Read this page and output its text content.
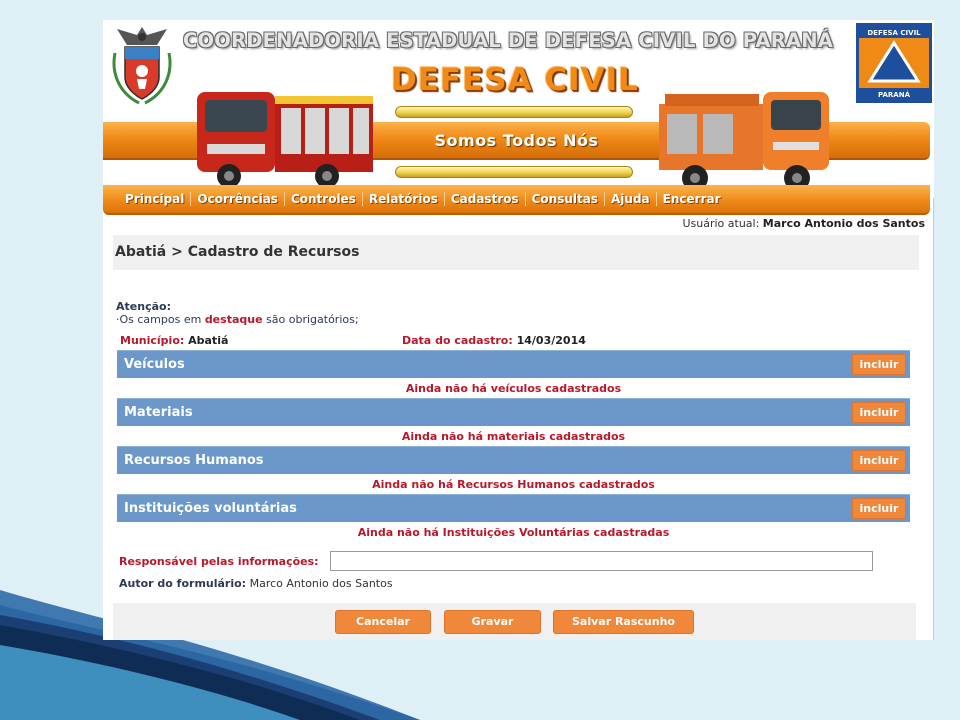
COORDENADORIA ESTADUAL DE DEFESA CIVIL DO PARANÁ
Somos Todos Nós
DEFESA CIVIL
DEFESA CIVIL
PARANÁ
Principal	Ocorrências	Controles	Relatórios	Cadastros	Consultas	Ajuda	Encerrar
Usuário atual: Marco Antonio dos Santos
Abatiá > Cadastro de Recursos
Atenção:
·Os campos em destaque são obrigatórios;
Município: Abatiá	Data do cadastro: 14/03/2014
Veículos	incluir
Ainda não há veículos cadastrados
Materiais	incluir
Ainda não há materiais cadastrados
Recursos Humanos	incluir
Ainda não há Recursos Humanos cadastrados
Instituições voluntárias	incluir
Ainda não há Instituições Voluntárias cadastradas
Responsável pelas informações:
Autor do formulário: Marco Antonio dos Santos
Cancelar	Gravar	Salvar Rascunho
